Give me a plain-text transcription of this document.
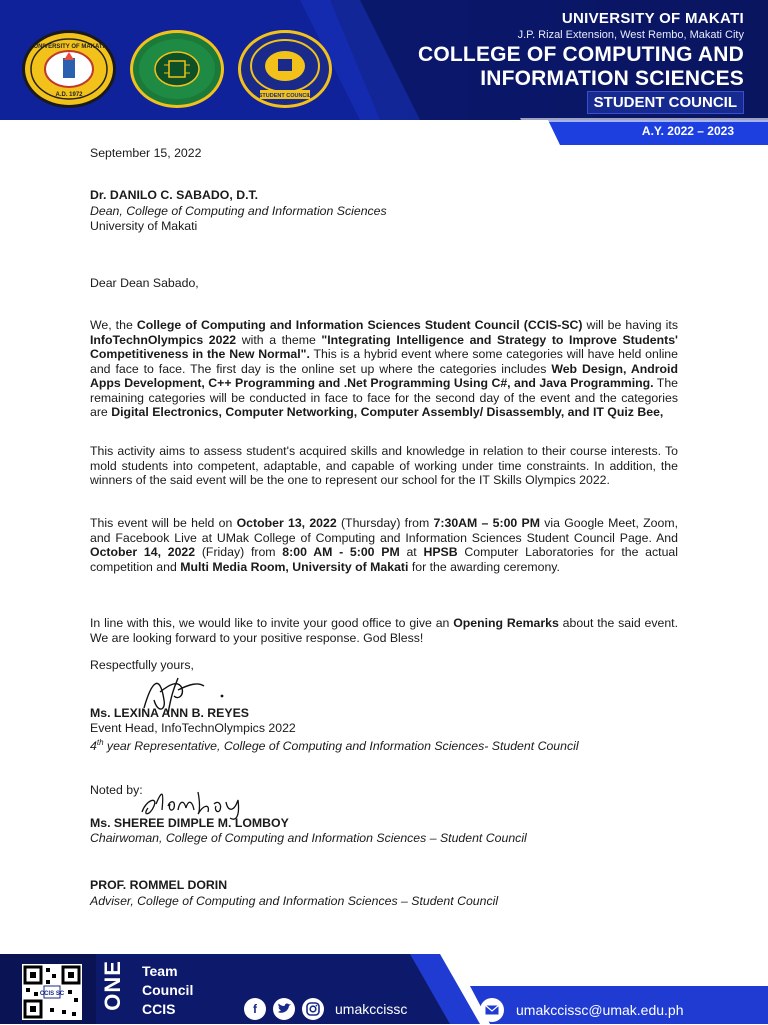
UNIVERSITY OF MAKATI
A.D. 1972	STUDENT COUNCIL
UNIVERSITY OF MAKATI
J.P. Rizal Extension, West Rembo, Makati City
COLLEGE OF COMPUTING AND
INFORMATION SCIENCES
STUDENT COUNCIL
A.Y. 2022 – 2023
September 15, 2022
Dr. DANILO C. SABADO, D.T.
Dean, College of Computing and Information Sciences
University of Makati
Dear Dean Sabado,

We, the College of Computing and Information Sciences Student Council (CCIS-SC) will be having its InfoTechnOlympics 2022 with a theme "Integrating Intelligence and Strategy to Improve Students' Competitiveness in the New Normal". This is a hybrid event where some categories will have held online and face to face. The first day is the online set up where the categories includes Web Design, Android Apps Development, C++ Programming and .Net Programming Using C#, and Java Programming. The remaining categories will be conducted in face to face for the second day of the event and the categories are Digital Electronics, Computer Networking, Computer Assembly/ Disassembly, and IT Quiz Bee,

This activity aims to assess student's acquired skills and knowledge in relation to their course interests. To mold students into competent, adaptable, and capable of working under time constraints. In addition, the winners of the said event will be the one to represent our school for the IT Skills Olympics 2022.

This event will be held on October 13, 2022 (Thursday) from 7:30AM – 5:00 PM via Google Meet, Zoom, and Facebook Live at UMak College of Computing and Information Sciences Student Council Page. And October 14, 2022 (Friday) from 8:00 AM - 5:00 PM at HPSB Computer Laboratories for the actual competition and Multi Media Room, University of Makati for the awarding ceremony.

In line with this, we would like to invite your good office to give an Opening Remarks about the said event. We are looking forward to your positive response. God Bless!

Respectfully yours,
Ms. LEXINA ANN B. REYES
Event Head, InfoTechnOlympics 2022
4th year Representative, College of Computing and Information Sciences- Student Council
Noted by:
Ms. SHEREE DIMPLE M. LOMBOY
Chairwoman, College of Computing and Information Sciences – Student Council
PROF. ROMMEL DORIN
Adviser, College of Computing and Information Sciences – Student Council
CCIS SC ONE Team
Council
CCIS	f	umakccissc	umakccissc@umak.edu.ph
